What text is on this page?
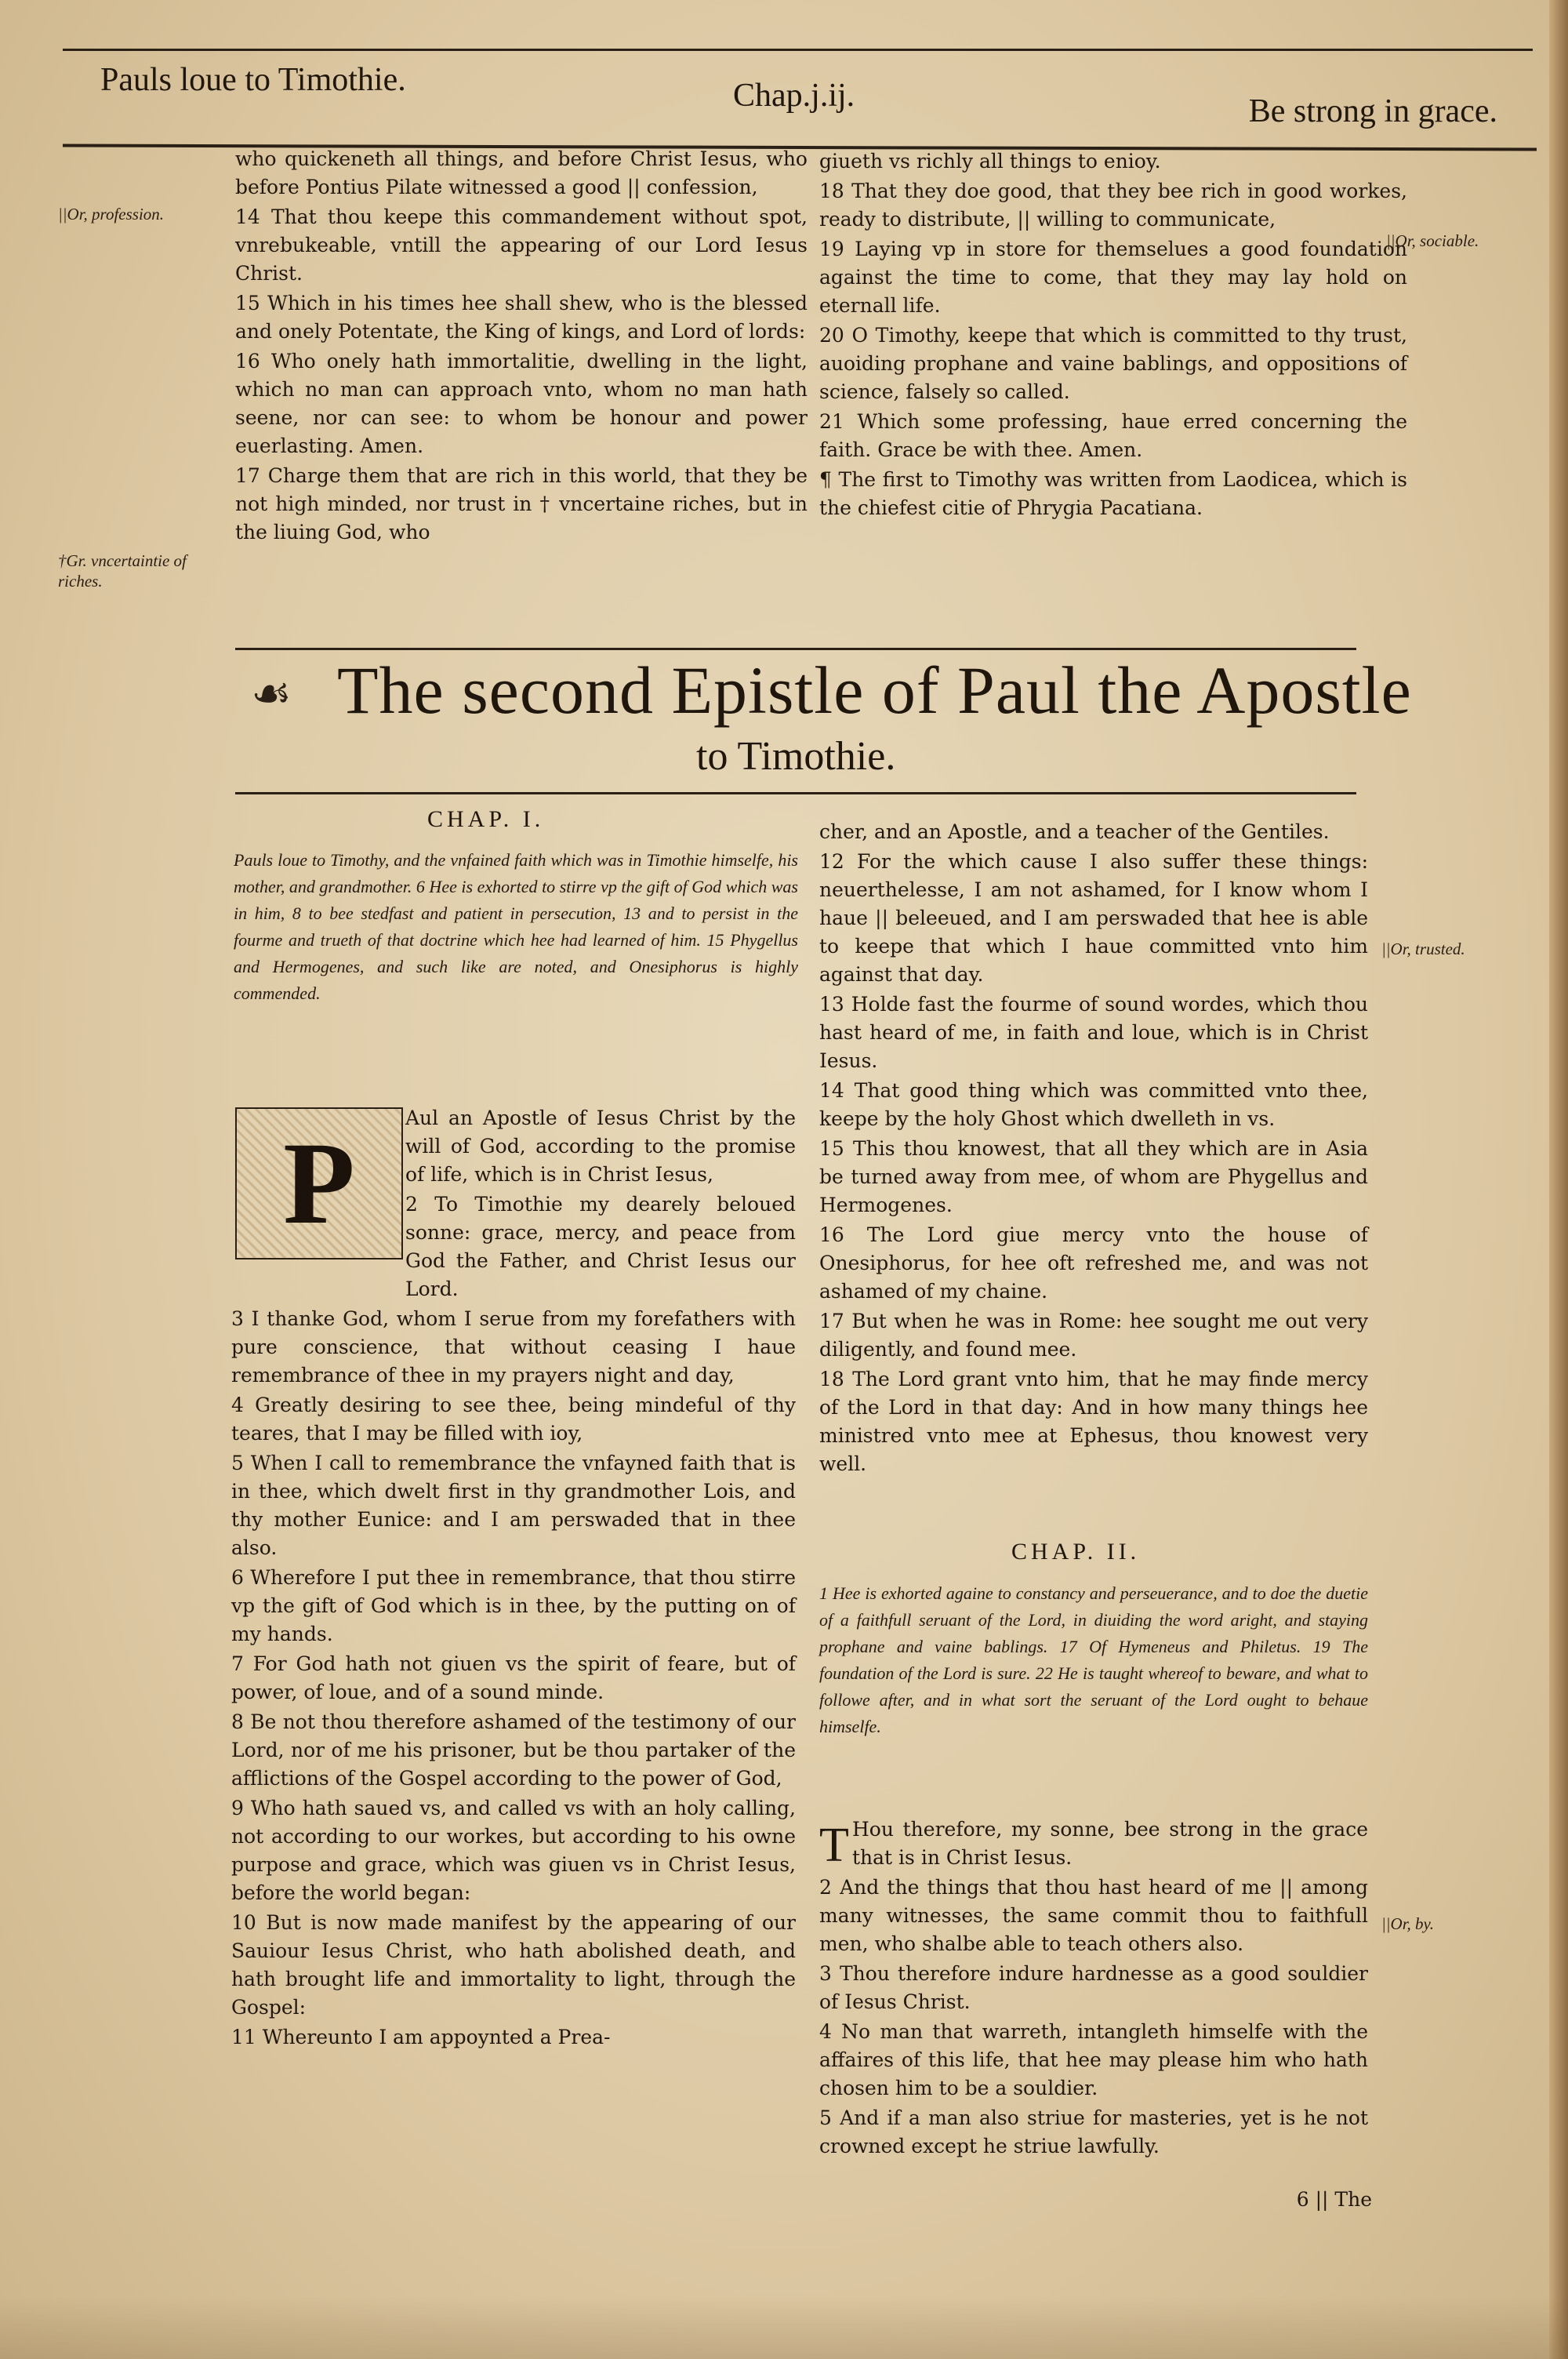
Pauls loue to Timothie.	Chap.j.ij.	Be strong in grace.
||Or, profession.
†Gr. vncertaintie of riches.
||Or, sociable.
||Or, trusted.
||Or, by.

who quickeneth all things, and before Christ Iesus, who before Pontius Pilate witnessed a good || confession,

14 That thou keepe this commandement without spot, vnrebukeable, vntill the appearing of our Lord Iesus Christ.

15 Which in his times hee shall shew, who is the blessed and onely Potentate, the King of kings, and Lord of lords:

16 Who onely hath immortalitie, dwelling in the light, which no man can approach vnto, whom no man hath seene, nor can see: to whom be honour and power euerlasting. Amen.

17 Charge them that are rich in this world, that they be not high minded, nor trust in † vncertaine riches, but in the liuing God, who

giueth vs richly all things to enioy.

18 That they doe good, that they bee rich in good workes, ready to distribute, || willing to communicate,

19 Laying vp in store for themselues a good foundation against the time to come, that they may lay hold on eternall life.

20 O Timothy, keepe that which is committed to thy trust, auoiding prophane and vaine bablings, and oppositions of science, falsely so called.

21 Which some professing, haue erred concerning the faith. Grace be with thee. Amen.

¶ The first to Timothy was written from Laodicea, which is the chiefest citie of Phrygia Pacatiana.

☙ The second Epistle of Paul the Apostle
to Timothie.
CHAP. I.

Pauls loue to Timothy, and the vnfained faith which was in Timothie himselfe, his mother, and grandmother. 6 Hee is exhorted to stirre vp the gift of God which was in him, 8 to bee stedfast and patient in persecution, 13 and to persist in the fourme and trueth of that doctrine which hee had learned of him. 15 Phygellus and Hermogenes, and such like are noted, and Onesiphorus is highly commended.

P

Aul an Apostle of Iesus Christ by the will of God, according to the promise of life, which is in Christ Iesus,

2 To Timothie my dearely beloued sonne: grace, mercy, and peace from God the Father, and Christ Iesus our Lord.

3 I thanke God, whom I serue from my forefathers with pure conscience, that without ceasing I haue remembrance of thee in my prayers night and day,

4 Greatly desiring to see thee, being mindeful of thy teares, that I may be filled with ioy,

5 When I call to remembrance the vnfayned faith that is in thee, which dwelt first in thy grandmother Lois, and thy mother Eunice: and I am perswaded that in thee also.

6 Wherefore I put thee in remembrance, that thou stirre vp the gift of God which is in thee, by the putting on of my hands.

7 For God hath not giuen vs the spirit of feare, but of power, of loue, and of a sound minde.

8 Be not thou therefore ashamed of the testimony of our Lord, nor of me his prisoner, but be thou partaker of the afflictions of the Gospel according to the power of God,

9 Who hath saued vs, and called vs with an holy calling, not according to our workes, but according to his owne purpose and grace, which was giuen vs in Christ Iesus, before the world began:

10 But is now made manifest by the appearing of our Sauiour Iesus Christ, who hath abolished death, and hath brought life and immortality to light, through the Gospel:

11 Whereunto I am appoynted a Prea-

cher, and an Apostle, and a teacher of the Gentiles.

12 For the which cause I also suffer these things: neuerthelesse, I am not ashamed, for I know whom I haue || beleeued, and I am perswaded that hee is able to keepe that which I haue committed vnto him against that day.

13 Holde fast the fourme of sound wordes, which thou hast heard of me, in faith and loue, which is in Christ Iesus.

14 That good thing which was committed vnto thee, keepe by the holy Ghost which dwelleth in vs.

15 This thou knowest, that all they which are in Asia be turned away from mee, of whom are Phygellus and Hermogenes.

16 The Lord giue mercy vnto the house of Onesiphorus, for hee oft refreshed me, and was not ashamed of my chaine.

17 But when he was in Rome: hee sought me out very diligently, and found mee.

18 The Lord grant vnto him, that he may finde mercy of the Lord in that day: And in how many things hee ministred vnto mee at Ephesus, thou knowest very well.

CHAP. II.

1 Hee is exhorted againe to constancy and perseuerance, and to doe the duetie of a faithfull seruant of the Lord, in diuiding the word aright, and staying prophane and vaine bablings. 17 Of Hymeneus and Philetus. 19 The foundation of the Lord is sure. 22 He is taught whereof to beware, and what to followe after, and in what sort the seruant of the Lord ought to behaue himselfe.

T Hou therefore, my sonne, bee strong in the grace that is in Christ Iesus.

2 And the things that thou hast heard of me || among many witnesses, the same commit thou to faithfull men, who shalbe able to teach others also.

3 Thou therefore indure hardnesse as a good souldier of Iesus Christ.

4 No man that warreth, intangleth himselfe with the affaires of this life, that hee may please him who hath chosen him to be a souldier.

5 And if a man also striue for masteries, yet is he not crowned except he striue lawfully.

6 || The
